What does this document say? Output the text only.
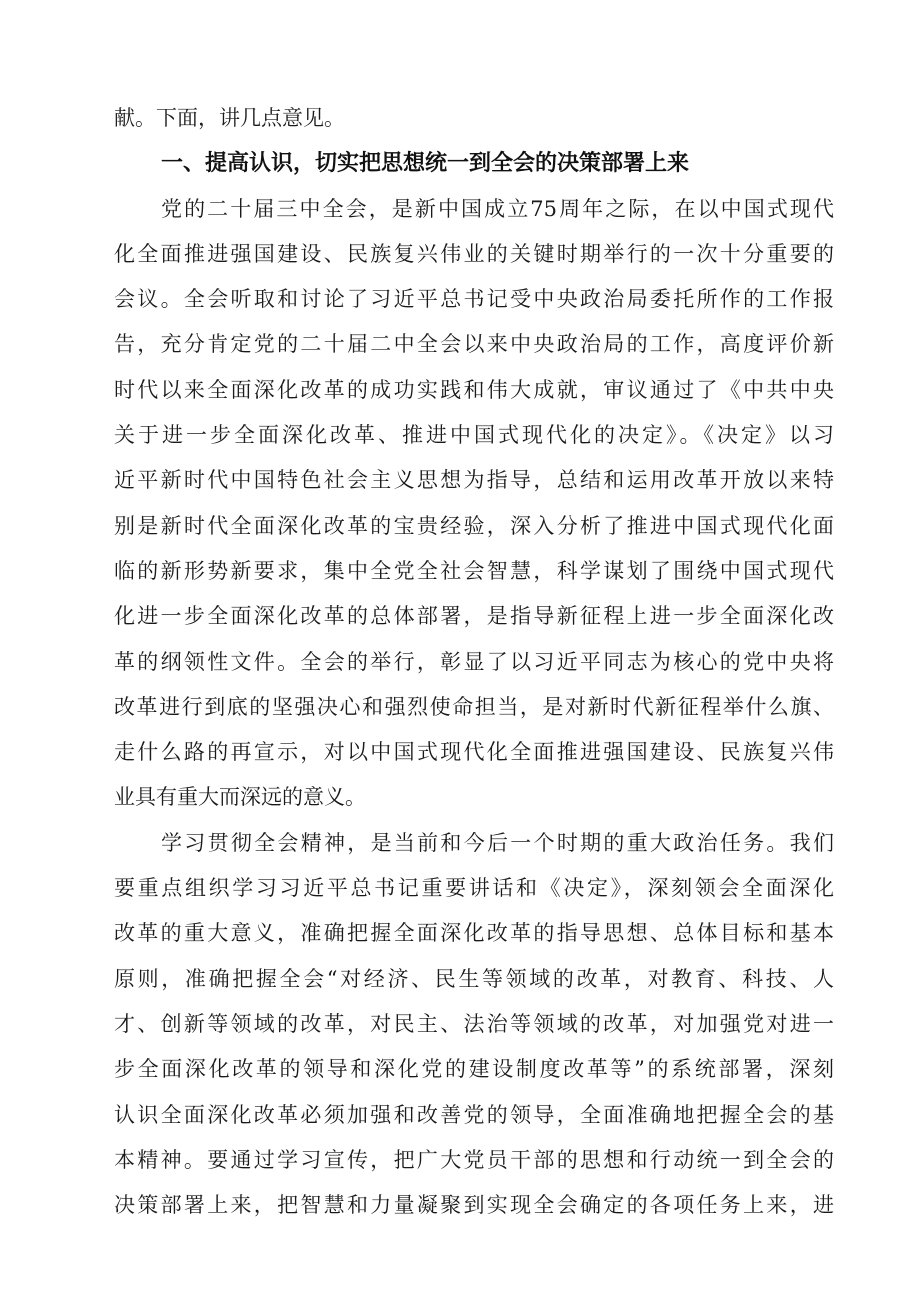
献。下面，讲几点意见。
一、提高认识，切实把思想统一到全会的决策部署上来
党的二十届三中全会，是新中国成立75周年之际，在以中国式现代
化全面推进强国建设、民族复兴伟业的关键时期举行的一次十分重要的
会议。全会听取和讨论了习近平总书记受中央政治局委托所作的工作报
告，充分肯定党的二十届二中全会以来中央政治局的工作，高度评价新
时代以来全面深化改革的成功实践和伟大成就，审议通过了《中共中央
关于进一步全面深化改革、推进中国式现代化的决定》。《决定》以习
近平新时代中国特色社会主义思想为指导，总结和运用改革开放以来特
别是新时代全面深化改革的宝贵经验，深入分析了推进中国式现代化面
临的新形势新要求，集中全党全社会智慧，科学谋划了围绕中国式现代
化进一步全面深化改革的总体部署，是指导新征程上进一步全面深化改
革的纲领性文件。全会的举行，彰显了以习近平同志为核心的党中央将
改革进行到底的坚强决心和强烈使命担当，是对新时代新征程举什么旗、
走什么路的再宣示，对以中国式现代化全面推进强国建设、民族复兴伟
业具有重大而深远的意义。
学习贯彻全会精神，是当前和今后一个时期的重大政治任务。我们
要重点组织学习习近平总书记重要讲话和《决定》，深刻领会全面深化
改革的重大意义，准确把握全面深化改革的指导思想、总体目标和基本
原则，准确把握全会“对经济、民生等领域的改革，对教育、科技、人
才、创新等领域的改革，对民主、法治等领域的改革，对加强党对进一
步全面深化改革的领导和深化党的建设制度改革等”的系统部署，深刻
认识全面深化改革必须加强和改善党的领导，全面准确地把握全会的基
本精神。要通过学习宣传，把广大党员干部的思想和行动统一到全会的
决策部署上来，把智慧和力量凝聚到实现全会确定的各项任务上来，进
